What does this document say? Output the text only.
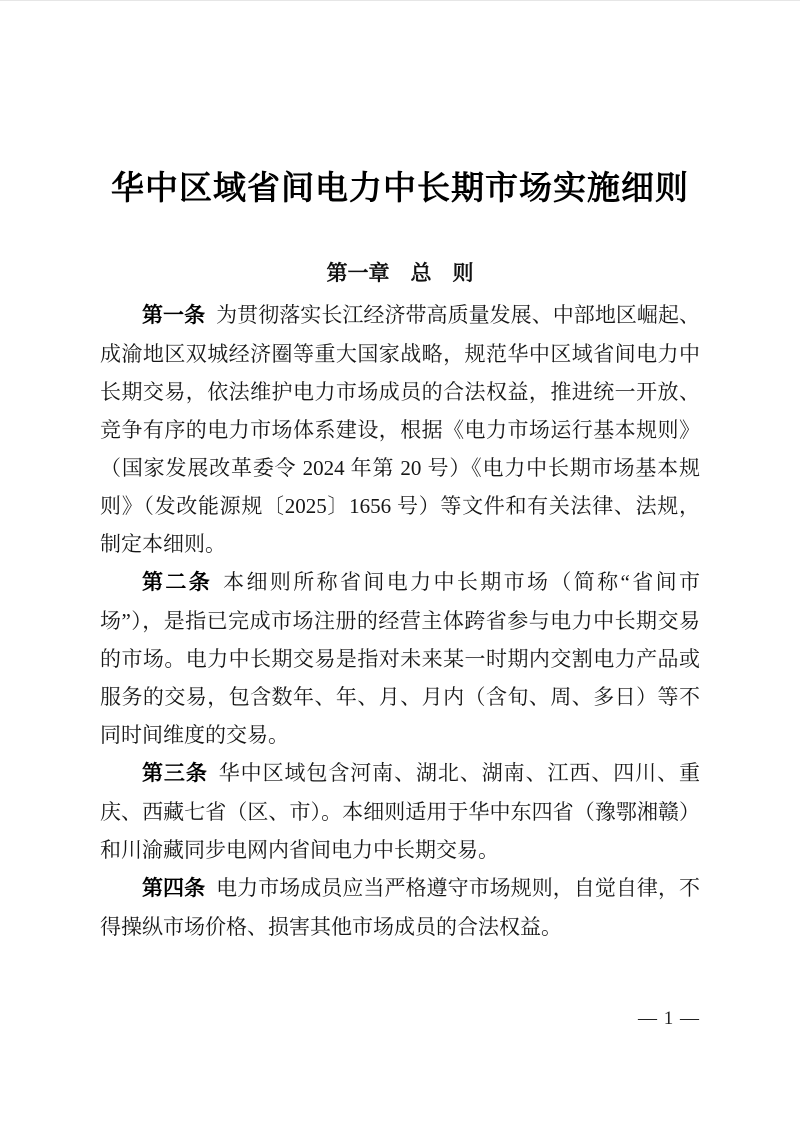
华中区域省间电力中长期市场实施细则
第一章　总　则

第一条 为贯彻落实长江经济带高质量发展、中部地区崛起、成渝地区双城经济圈等重大国家战略，规范华中区域省间电力中长期交易，依法维护电力市场成员的合法权益，推进统一开放、竞争有序的电力市场体系建设，根据《电力市场运行基本规则》（国家发展改革委令 2024 年第 20 号）《电力中长期市场基本规则》（发改能源规〔2025〕1656 号）等文件和有关法律、法规，制定本细则。

第二条 本细则所称省间电力中长期市场（简称“省间市场”），是指已完成市场注册的经营主体跨省参与电力中长期交易的市场。电力中长期交易是指对未来某一时期内交割电力产品或服务的交易，包含数年、年、月、月内（含旬、周、多日）等不同时间维度的交易。

第三条 华中区域包含河南、湖北、湖南、江西、四川、重庆、西藏七省（区、市）。本细则适用于华中东四省（豫鄂湘赣）和川渝藏同步电网内省间电力中长期交易。

第四条 电力市场成员应当严格遵守市场规则，自觉自律，不得操纵市场价格、损害其他市场成员的合法权益。

— 1 —
